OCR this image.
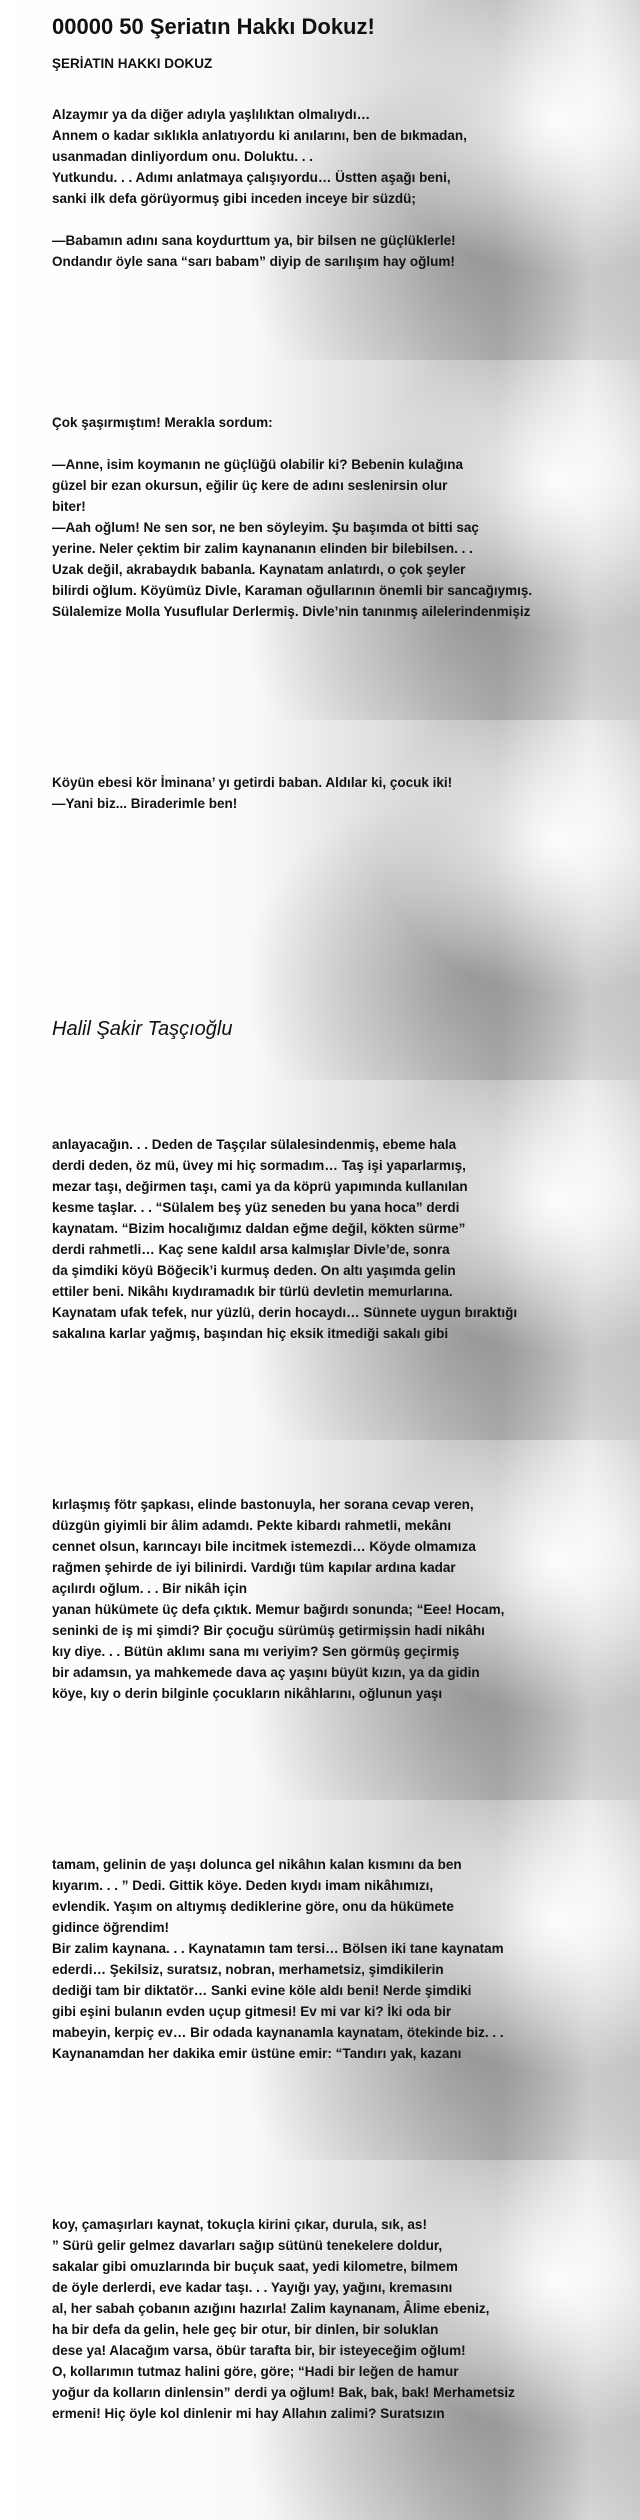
00000 50 Şeriatın Hakkı Dokuz!
ŞERİATIN HAKKI DOKUZ
Alzaymır ya da diğer adıyla yaşlılıktan olmalıydı…
Annem o kadar sıklıkla anlatıyordu ki anılarını, ben de bıkmadan,
usanmadan dinliyordum onu. Doluktu. . .
Yutkundu. . . Adımı anlatmaya çalışıyordu… Üstten aşağı beni,
sanki ilk defa görüyormuş gibi inceden inceye bir süzdü;

—Babamın adını sana koydurttum ya, bir bilsen ne güçlüklerle!
Ondandır öyle sana “sarı babam” diyip de sarılışım hay oğlum!
Çok şaşırmıştım! Merakla sordum:

—Anne, isim koymanın ne güçlüğü olabilir ki? Bebenin kulağına
güzel bir ezan okursun, eğilir üç kere de adını seslenirsin olur
biter!
—Aah oğlum! Ne sen sor, ne ben söyleyim. Şu başımda ot bitti saç
yerine. Neler çektim bir zalim kaynananın elinden bir bilebilsen. . .
Uzak değil, akrabaydık babanla. Kaynatam anlatırdı, o çok şeyler
bilirdi oğlum. Köyümüz Divle, Karaman oğullarının önemli bir sancağıymış.
Sülalemize Molla Yusuflular Derlermiş. Divle’nin tanınmış ailelerindenmişiz
Köyün ebesi kör İminana’ yı getirdi baban. Aldılar ki, çocuk iki!
—Yani biz... Biraderimle ben!
Halil Şakir Taşçıoğlu
anlayacağın. . . Deden de Taşçılar sülalesindenmiş, ebeme hala
derdi deden, öz mü, üvey mi hiç sormadım… Taş işi yaparlarmış,
mezar taşı, değirmen taşı, cami ya da köprü yapımında kullanılan
kesme taşlar. . . “Sülalem beş yüz seneden bu yana hoca” derdi
kaynatam. “Bizim hocalığımız daldan eğme değil, kökten sürme”
derdi rahmetli… Kaç sene kaldıl arsa kalmışlar Divle’de, sonra
da şimdiki köyü Böğecik’i kurmuş deden. On altı yaşımda gelin
ettiler beni. Nikâhı kıydıramadık bir türlü devletin memurlarına.
Kaynatam ufak tefek, nur yüzlü, derin hocaydı… Sünnete uygun bıraktığı
sakalına karlar yağmış, başından hiç eksik itmediği sakalı gibi
kırlaşmış fötr şapkası, elinde bastonuyla, her sorana cevap veren,
düzgün giyimli bir âlim adamdı. Pekte kibardı rahmetli, mekânı
cennet olsun, karıncayı bile incitmek istemezdi… Köyde olmamıza
rağmen şehirde de iyi bilinirdi. Vardığı tüm kapılar ardına kadar
açılırdı oğlum. . . Bir nikâh için
yanan hükümete üç defa çıktık. Memur bağırdı sonunda; “Eee! Hocam,
seninki de iş mi şimdi? Bir çocuğu sürümüş getirmişsin hadi nikâhı
kıy diye. . . Bütün aklımı sana mı veriyim? Sen görmüş geçirmiş
bir adamsın, ya mahkemede dava aç yaşını büyüt kızın, ya da gidin
köye, kıy o derin bilginle çocukların nikâhlarını, oğlunun yaşı
tamam, gelinin de yaşı dolunca gel nikâhın kalan kısmını da ben
kıyarım. . . ” Dedi. Gittik köye. Deden kıydı imam nikâhımızı,
evlendik. Yaşım on altıymış dediklerine göre, onu da hükümete
gidince öğrendim!
Bir zalim kaynana. . . Kaynatamın tam tersi… Bölsen iki tane kaynatam
ederdi… Şekilsiz, suratsız, nobran, merhametsiz, şimdikilerin
dediği tam bir diktatör… Sanki evine köle aldı beni! Nerde şimdiki
gibi eşini bulanın evden uçup gitmesi! Ev mi var ki? İki oda bir
mabeyin, kerpiç ev… Bir odada kaynanamla kaynatam, ötekinde biz. . .
Kaynanamdan her dakika emir üstüne emir: “Tandırı yak, kazanı
koy, çamaşırları kaynat, tokuçla kirini çıkar, durula, sık, as!
” Sürü gelir gelmez davarları sağıp sütünü tenekelere doldur,
sakalar gibi omuzlarında bir buçuk saat, yedi kilometre, bilmem
de öyle derlerdi, eve kadar taşı. . . Yayığı yay, yağını, kremasını
al, her sabah çobanın azığını hazırla! Zalim kaynanam, Âlime ebeniz,
ha bir defa da gelin, hele geç bir otur, bir dinlen, bir soluklan
dese ya! Alacağım varsa, öbür tarafta bir, bir isteyeceğim oğlum!
O, kollarımın tutmaz halini göre, göre; “Hadi bir leğen de hamur
yoğur da kolların dinlensin” derdi ya oğlum! Bak, bak, bak! Merhametsiz
ermeni! Hiç öyle kol dinlenir mi hay Allahın zalimi? Suratsızın
